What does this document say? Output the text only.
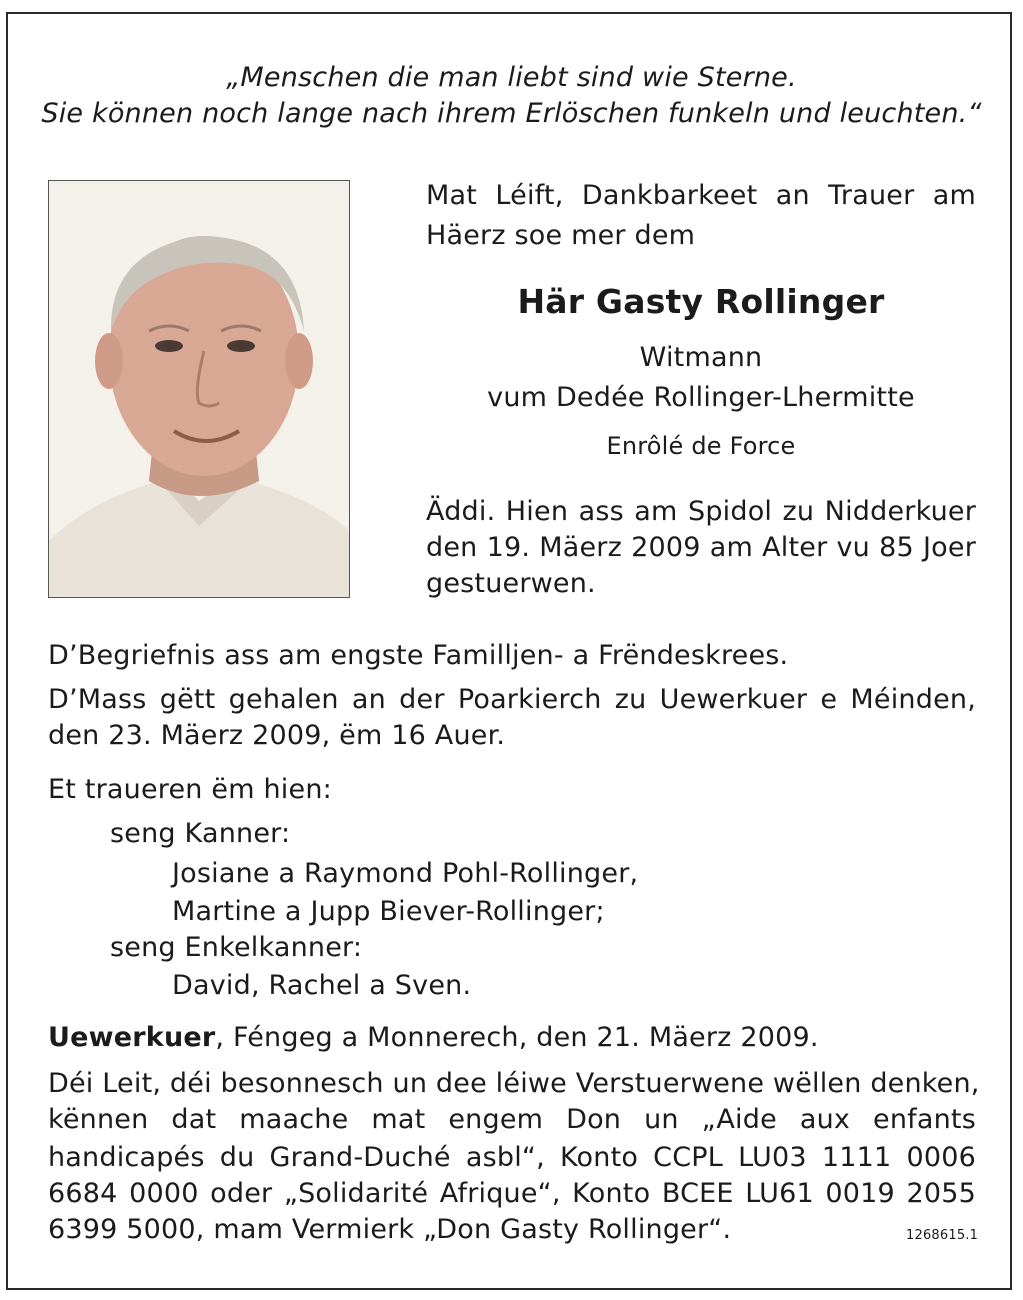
„Menschen die man liebt sind wie Sterne.
Sie können noch lange nach ihrem Erlöschen funkeln und leuchten.“
Mat Léift, Dankbarkeet an Trauer am
Häerz soe mer dem
Här Gasty Rollinger
Witmann
vum Dedée Rollinger-Lhermitte
Enrôlé de Force
Äddi. Hien ass am Spidol zu Nidderkuer
den 19. Mäerz 2009 am Alter vu 85 Joer
gestuerwen.
D’Begriefnis ass am engste Familljen- a Frëndeskrees.
D’Mass gëtt gehalen an der Poarkierch zu Uewerkuer e Méinden,
den 23. Mäerz 2009, ëm 16 Auer.
Et traueren ëm hien:
seng Kanner:
Josiane a Raymond Pohl-Rollinger,
Martine a Jupp Biever-Rollinger;
seng Enkelkanner:
David, Rachel a Sven.
Uewerkuer, Féngeg a Monnerech, den 21. Mäerz 2009.
Déi Leit, déi besonnesch un dee léiwe Verstuerwene wëllen denken,
kënnen dat maache mat engem Don un „Aide aux enfants
handicapés du Grand-Duché asbl“, Konto CCPL LU03 1111 0006
6684 0000 oder „Solidarité Afrique“, Konto BCEE LU61 0019 2055
6399 5000, mam Vermierk „Don Gasty Rollinger“.	1268615.1
